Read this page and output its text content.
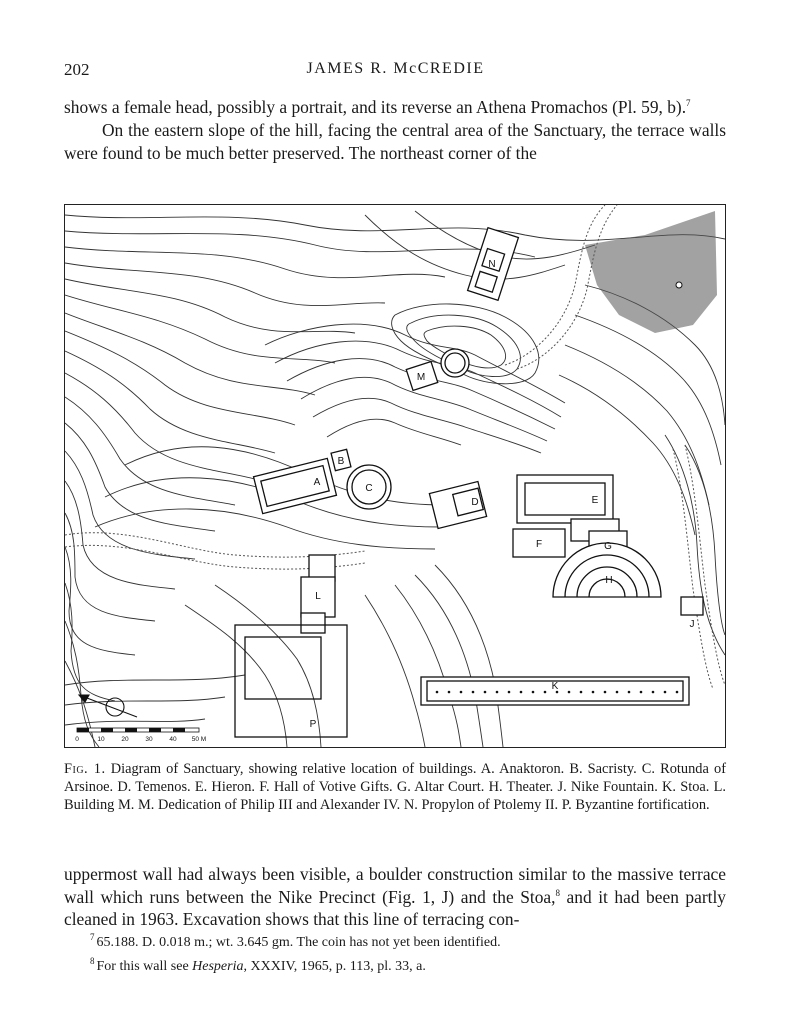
202	JAMES R. McCREDIE

shows a female head, possibly a portrait, and its reverse an Athena Promachos (Pl. 59, b).$^7$

On the eastern slope of the hill, facing the central area of the Sanctuary, the terrace walls were found to be much better preserved. The northeast corner of the

N
M
A
B
C
D	E
F	G
H
J
K
L
P
0	10	20	30	40 50 M

Fig. 1. Diagram of Sanctuary, showing relative location of buildings. A. Anaktoron. B. Sacristy. C. Rotunda of Arsinoe. D. Temenos. E. Hieron. F. Hall of Votive Gifts. G. Altar Court. H. Theater. J. Nike Fountain. K. Stoa. L. Building M. M. Dedication of Philip III and Alexander IV. N. Propylon of Ptolemy II. P. Byzantine fortification.

uppermost wall had always been visible, a boulder construction similar to the massive terrace wall which runs between the Nike Precinct (Fig. 1, J) and the Stoa,$^8$ and it had been partly cleaned in 1963. Excavation shows that this line of terracing con-

$^7$ 65.188. D. 0.018 m.; wt. 3.645 gm. The coin has not yet been identified.

$^8$ For this wall see Hesperia, XXXIV, 1965, p. 113, pl. 33, a.
